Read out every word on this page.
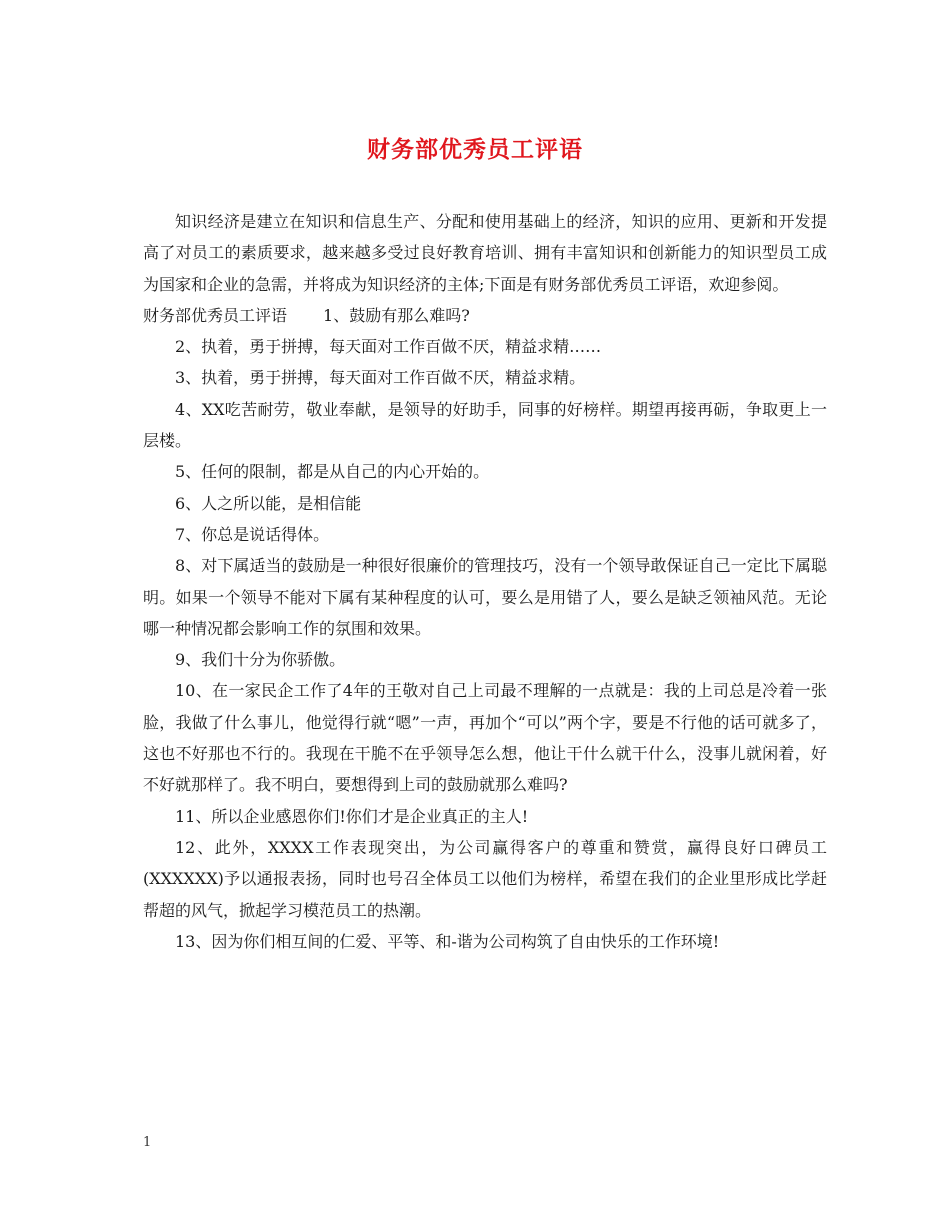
财务部优秀员工评语

知识经济是建立在知识和信息生产、分配和使用基础上的经济，知识的应用、更新和开发提高了对员工的素质要求，越来越多受过良好教育培训、拥有丰富知识和创新能力的知识型员工成为国家和企业的急需，并将成为知识经济的主体;下面是有财务部优秀员工评语，欢迎参阅。

财务部优秀员工评语 1、鼓励有那么难吗?

2、执着，勇于拼搏，每天面对工作百做不厌，精益求精……

3、执着，勇于拼搏，每天面对工作百做不厌，精益求精。

4、XX吃苦耐劳，敬业奉献，是领导的好助手，同事的好榜样。期望再接再砺，争取更上一层楼。

5、任何的限制，都是从自己的内心开始的。

6、人之所以能，是相信能

7、你总是说话得体。

8、对下属适当的鼓励是一种很好很廉价的管理技巧，没有一个领导敢保证自己一定比下属聪明。如果一个领导不能对下属有某种程度的认可，要么是用错了人，要么是缺乏领袖风范。无论哪一种情况都会影响工作的氛围和效果。

9、我们十分为你骄傲。

10、在一家民企工作了4年的王敬对自己上司最不理解的一点就是：我的上司总是冷着一张脸，我做了什么事儿，他觉得行就“嗯”一声，再加个“可以”两个字，要是不行他的话可就多了，这也不好那也不行的。我现在干脆不在乎领导怎么想，他让干什么就干什么，没事儿就闲着，好不好就那样了。我不明白，要想得到上司的鼓励就那么难吗?

11、所以企业感恩你们!你们才是企业真正的主人!

12、此外，XXXX工作表现突出，为公司赢得客户的尊重和赞赏，赢得良好口碑员工(XXXXXX)予以通报表扬，同时也号召全体员工以他们为榜样，希望在我们的企业里形成比学赶帮超的风气，掀起学习模范员工的热潮。

13、因为你们相互间的仁爱、平等、和-谐为公司构筑了自由快乐的工作环境!

1
